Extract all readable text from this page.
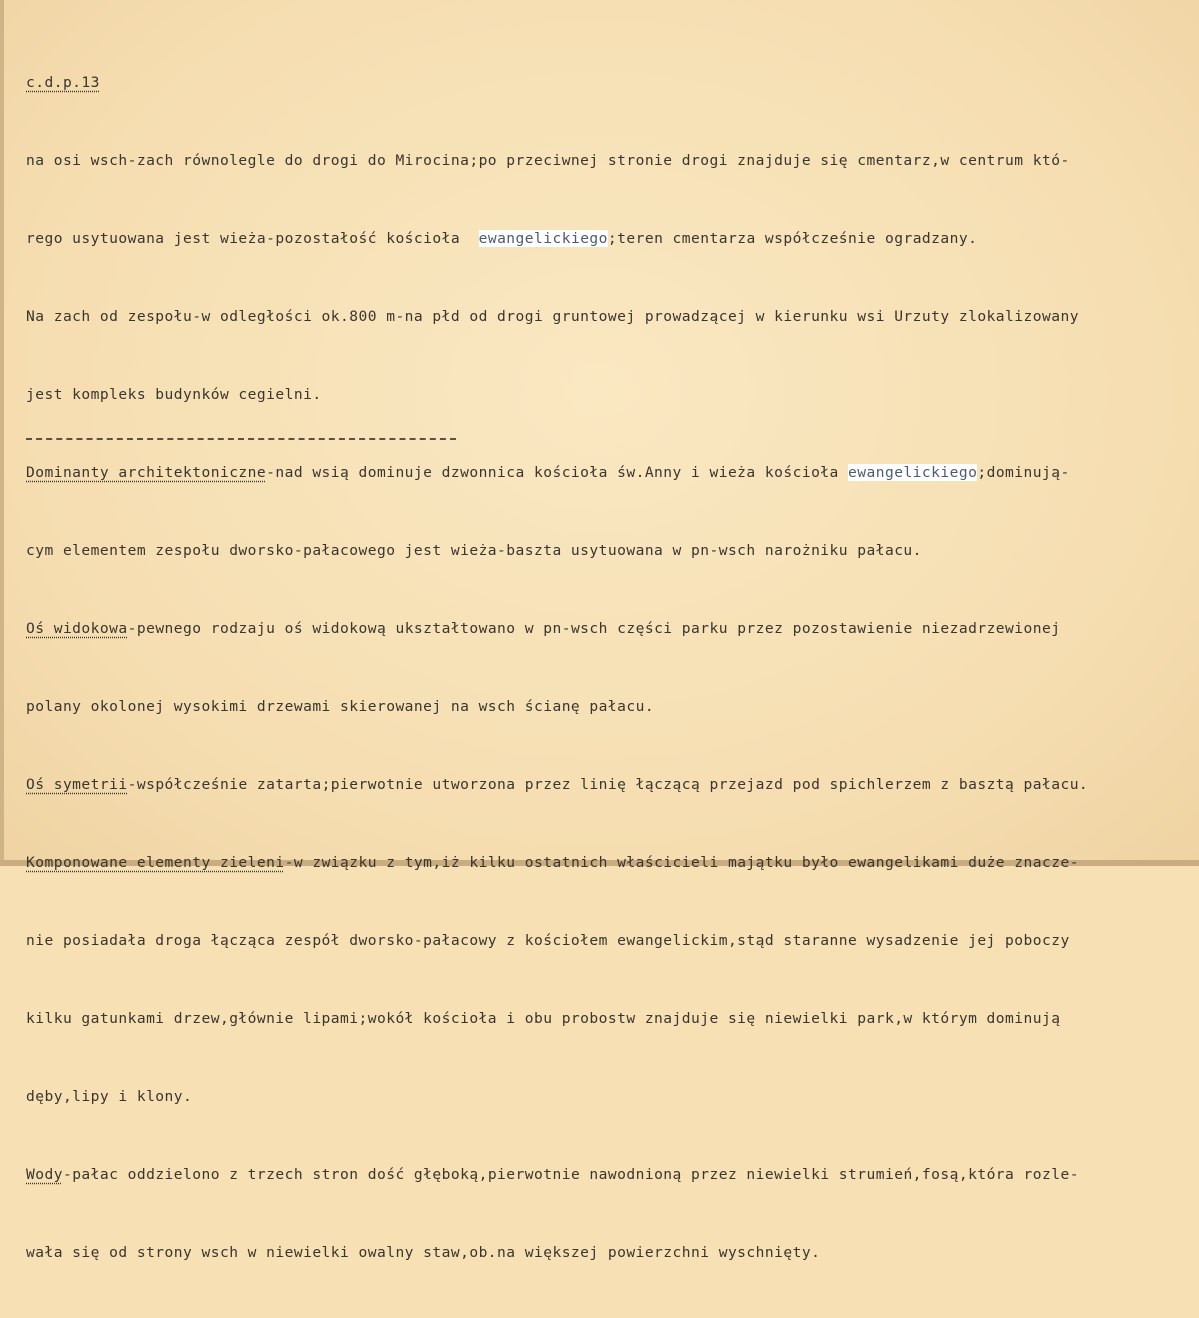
c.d.p.13

na osi wsch-zach równolegle do drogi do Mirocina;po przeciwnej stronie drogi znajduje się cmentarz,w centrum któ-

rego usytuowana jest wieża-pozostałość kościoła  ewangelickiego;teren cmentarza współcześnie ogradzany.

Na zach od zespołu-w odległości ok.800 m-na płd od drogi gruntowej prowadzącej w kierunku wsi Urzuty zlokalizowany

jest kompleks budynków cegielni.

Dominanty architektoniczne-nad wsią dominuje dzwonnica kościoła św.Anny i wieża kościoła ewangelickiego;dominują-

cym elementem zespołu dworsko-pałacowego jest wieża-baszta usytuowana w pn-wsch narożniku pałacu.

Oś widokowa-pewnego rodzaju oś widokową ukształtowano w pn-wsch części parku przez pozostawienie niezadrzewionej

polany okolonej wysokimi drzewami skierowanej na wsch ścianę pałacu.

Oś symetrii-współcześnie zatarta;pierwotnie utworzona przez linię łączącą przejazd pod spichlerzem z basztą pałacu.

Komponowane elementy zieleni-w związku z tym,iż kilku ostatnich właścicieli majątku było ewangelikami duże znacze-

nie posiadała droga łącząca zespół dworsko-pałacowy z kościołem ewangelickim,stąd staranne wysadzenie jej poboczy

kilku gatunkami drzew,głównie lipami;wokół kościoła i obu probostw znajduje się niewielki park,w którym dominują

dęby,lipy i klony.

Wody-pałac oddzielono z trzech stron dość głęboką,pierwotnie nawodnioną przez niewielki strumień,fosą,która rozle-

wała się od strony wsch w niewielki owalny staw,ob.na większej powierzchni wyschnięty.
